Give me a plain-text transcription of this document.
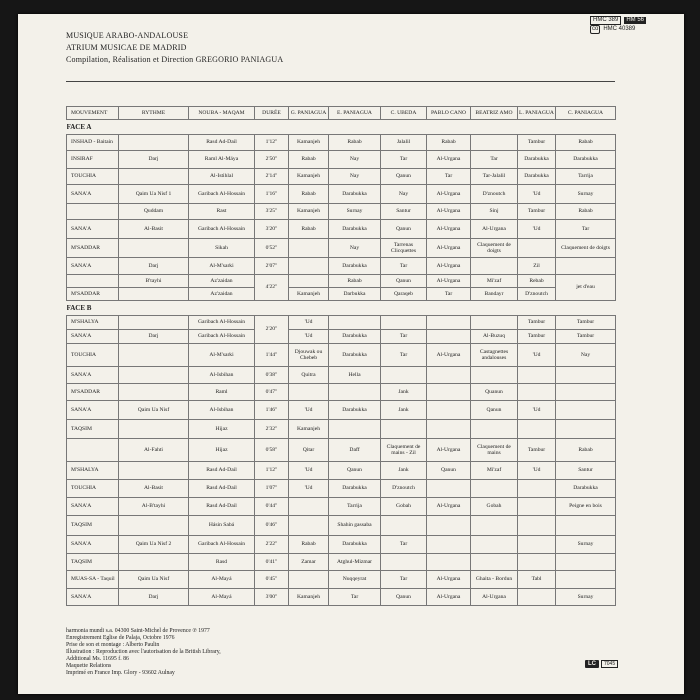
MUSIQUE ARABO-ANDALOUSE
ATRIUM MUSICAE DE MADRID
Compilation, Réalisation et Direction GREGORIO PANIAGUA
HMC 389	HM 56
co HMC 40389
MOUVEMENT	RYTHME	NOUBA - MAQAM	DURÉE	G. PANIAGUA	E. PANIAGUA	C. UBEDA	PABLO CANO	BEATRIZ AMO	L. PANIAGUA	C. PANIAGUA
FACE A										
INSHAD - Baitain		Rasd Ad-Dail	1'12"	Kamanjeh	Rabab	Jalalil	Rabab		Tambur	Rabab
INSIRAF	Darj	Raml Al-Máya	2'50"	Rabab	Nay	Tar	Al-Urgana	Tar	Darabukka	Darabukka
TOUCHIA		Al-Istihlal	2'14"	Kamanjeh	Nay	Qanun	Tar	Tar-Jalalil	Darabukka	Tarrija
SANA'A	Qaim Ua Nisf 1	Garibach Al-Hossain	1'16"	Rabab	Darabukka	Nay	Al-Urgana	D'znoutch	'Ud	Surnay
	Quddam	Rast	3'25"	Kamanjeh	Surnay	Santur	Al-Urgana	Sinj	Tambur	Rabab
SANA'A	Al-Basit	Garibach Al-Hossain	3'20"	Rabab	Darabukka	Qanun	Al-Urgana	Al-Urgana	'Ud	Tar
M'SADDAR		Sikah	0'52"		Nay	Tarrenas Clicquettes	Al-Urgana	Claquement de doigts		Claquement de doigts
SANA'A	Darj	Al-M'sarki	2'07"		Darabukka	Tar	Al-Urgana		Zil	
	B'tayhi	Az'zaidan	4'22"		Rabab	Qanun	Al-Urgana	Mi'zaf	Rebab	jet d'eau
M'SADDAR		Az'zaidan		Kamanjeh	Darbukka	Qaraqeb	Tar	Bandayr	D'znoutch	
FACE B										
M'SHALYA		Garibach Al-Hossain	2'20"	'Ud					Tambur	Tambur
SANA'A	Darj	Garibach Al-Hossain		'Ud	Darabukka	Tar		Al-Buzuq	Tambur	Tambur
TOUCHIA		Al-M'sarki	1'44"	Djouwak ou Chebeb	Darabukka	Tar	Al-Urgana	Castagnettes andalouses	'Ud	Nay
SANA'A		Al-Isbihan	0'38"	Quitra	Hella					
M'SADDAR		Raml	0'47"			Jank		Quanun		
SANA'A	Qaim Ua Nisf	Al-Isbihan	1'46"	'Ud	Darabukka	Jank		Qanun	'Ud	
TAQSIM		Hijaz	2'32"	Kamanjeh						
	Al-Fahti	Hijaz	0'58"	Qitar	Daff	Claquement de mains - Zil	Al-Urgana	Claquement de mains	Tambur	Rabab
M'SHALYA		Rasd Ad-Dail	1'12"	'Ud	Qanun	Jank	Qanun	Mi'zaf	'Ud	Santur
TOUCHIA	Al-Basit	Rasd Ad-Dail	1'07"	'Ud	Darabukka	D'znoutch				Darabukka
SANA'A	Al-B'tayhi	Rasd Ad-Dail	0'44"		Tarrija	Gobah	Al-Urgana	Gobah		Peigne en bois
TAQSIM		Hásin Sabá	0'46"		Shahin gassaba					
SANA'A	Qaim Ua Nisf 2	Garibach Al-Hossain	2'22"	Rabab	Darabukka	Tar				Surnay
TAQSIM		Rasd	0'41"	Zamar	Atghul-Mizmar					
MUAS-SA - Taquil	Qaim Ua Nisf	Al-Mayá	0'45"		Nuqqeyrat	Tar	Al-Urgana	Ghaita - Bordun	Tabl	
SANA'A	Darj	Al-Mayá	3'00"	Kamanjeh	Tar	Qanun	Al-Urgana	Al-Urgana		Surnay
harmonia mundi s.a. 04300 Saint-Michel de Provence ℗ 1977
Enregistrement Eglise de Palaja, Octobre 1976
Prise de son et montage : Alberto Paulin
Illustration : Reproduction avec l'autorisation de la British Library,
Additional Ms. 11695 f. 86
Maquette Relations
Imprimé en France Imp. Glory - 93602 Aulnay
LC	7045
